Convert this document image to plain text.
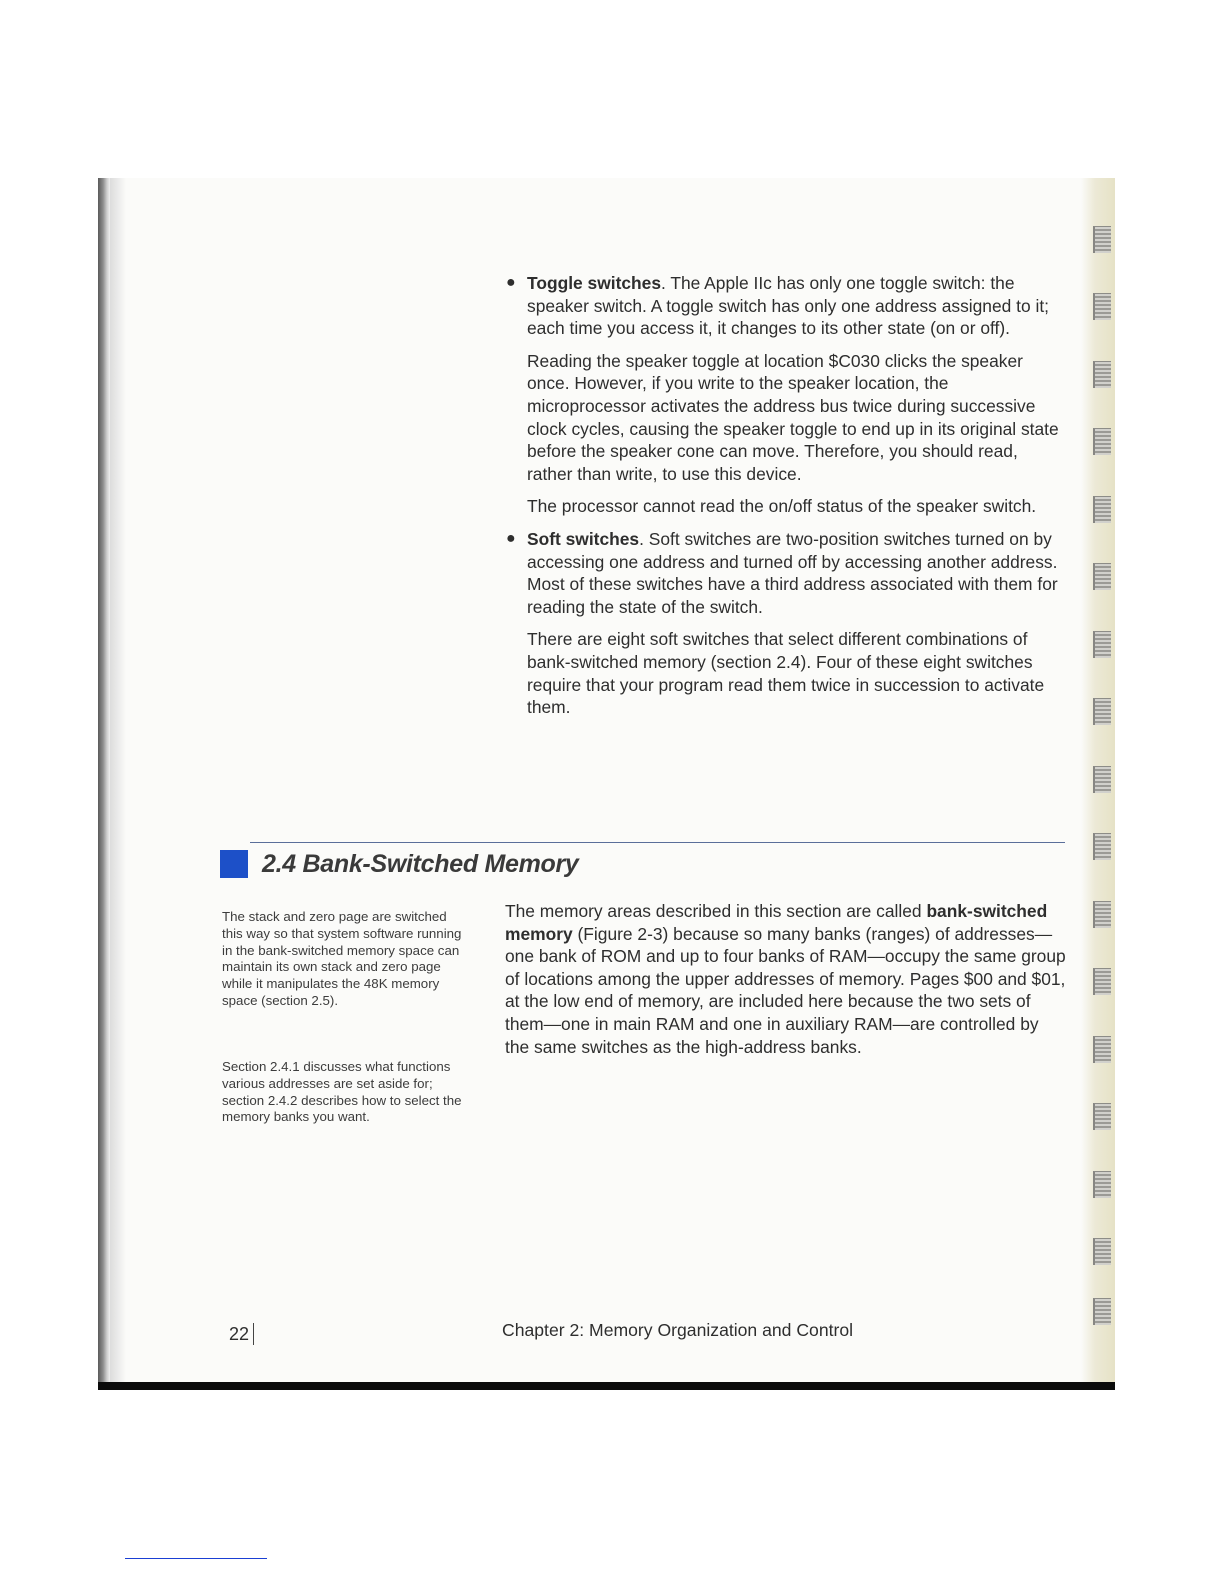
● Toggle switches. The Apple IIc has only one toggle switch: the speaker switch. A toggle switch has only one address assigned to it; each time you access it, it changes to its other state (on or off).

Reading the speaker toggle at location $C030 clicks the speaker once. However, if you write to the speaker location, the microprocessor activates the address bus twice during successive clock cycles, causing the speaker toggle to end up in its original state before the speaker cone can move. Therefore, you should read, rather than write, to use this device.

The processor cannot read the on/off status of the speaker switch.

● Soft switches. Soft switches are two-position switches turned on by accessing one address and turned off by accessing another address. Most of these switches have a third address associated with them for reading the state of the switch.

There are eight soft switches that select different combinations of bank-switched memory (section 2.4). Four of these eight switches require that your program read them twice in succession to activate them.

2.4 Bank-Switched Memory

The stack and zero page are switched this way so that system software running in the bank-switched memory space can maintain its own stack and zero page while it manipulates the 48K memory space (section 2.5).

Section 2.4.1 discusses what functions various addresses are set aside for; section 2.4.2 describes how to select the memory banks you want.

The memory areas described in this section are called bank-switched memory (Figure 2-3) because so many banks (ranges) of addresses—one bank of ROM and up to four banks of RAM—occupy the same group of locations among the upper addresses of memory. Pages $00 and $01, at the low end of memory, are included here because the two sets of them—one in main RAM and one in auxiliary RAM—are controlled by the same switches as the high-address banks.

22	Chapter 2: Memory Organization and Control
